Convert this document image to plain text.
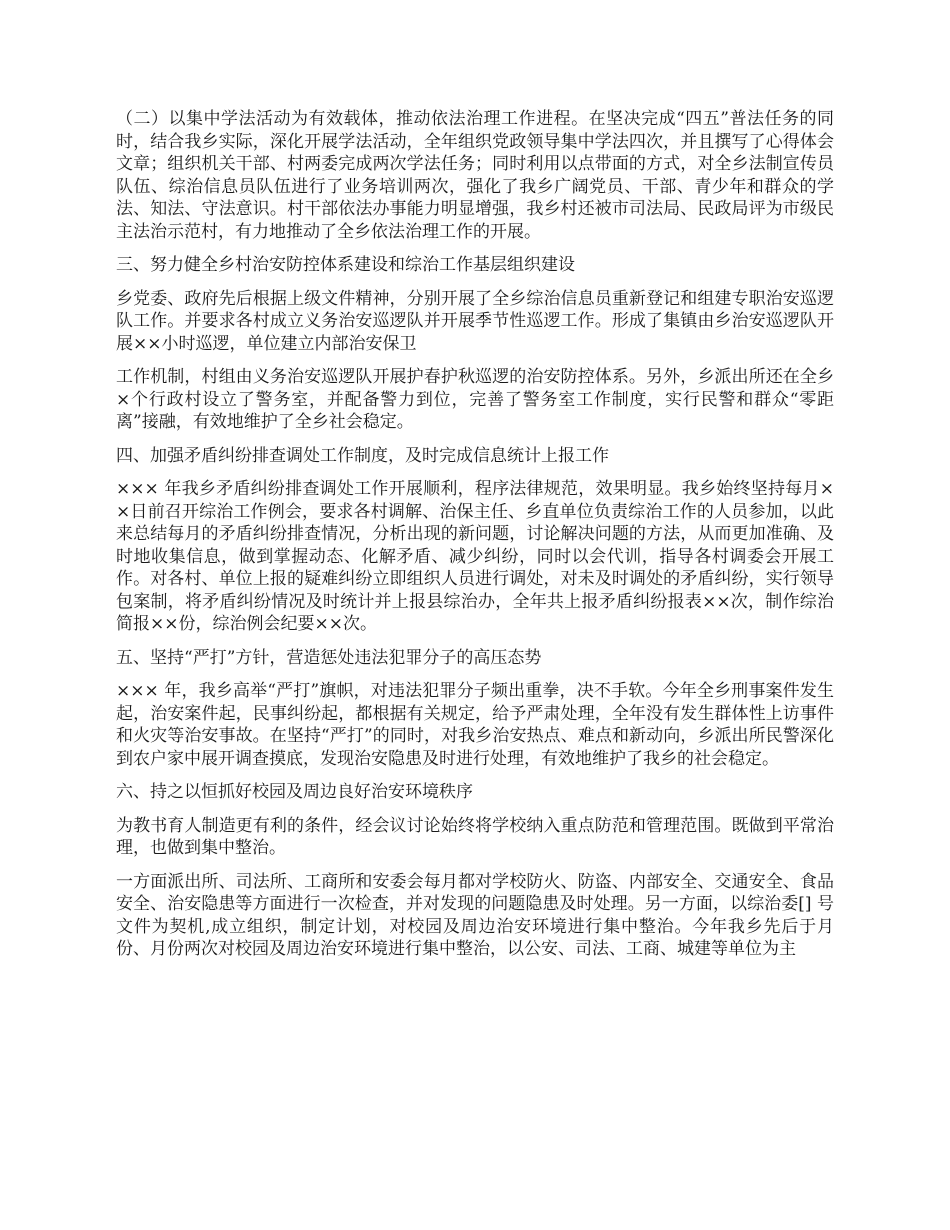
（二）以集中学法活动为有效载体，推动依法治理工作进程。在坚决完成“四五”普法任务的同时，结合我乡实际，深化开展学法活动，全年组织党政领导集中学法四次，并且撰写了心得体会文章；组织机关干部、村两委完成两次学法任务；同时利用以点带面的方式，对全乡法制宣传员队伍、综治信息员队伍进行了业务培训两次，强化了我乡广阔党员、干部、青少年和群众的学法、知法、守法意识。村干部依法办事能力明显增强，我乡村还被市司法局、民政局评为市级民主法治示范村，有力地推动了全乡依法治理工作的开展。

三、努力健全乡村治安防控体系建设和综治工作基层组织建设

乡党委、政府先后根据上级文件精神，分别开展了全乡综治信息员重新登记和组建专职治安巡逻队工作。并要求各村成立义务治安巡逻队并开展季节性巡逻工作。形成了集镇由乡治安巡逻队开展××小时巡逻，单位建立内部治安保卫

工作机制，村组由义务治安巡逻队开展护春护秋巡逻的治安防控体系。另外，乡派出所还在全乡×个行政村设立了警务室，并配备警力到位，完善了警务室工作制度，实行民警和群众“零距离”接融，有效地维护了全乡社会稳定。

四、加强矛盾纠纷排查调处工作制度，及时完成信息统计上报工作

××× 年我乡矛盾纠纷排查调处工作开展顺利，程序法律规范，效果明显。我乡始终坚持每月××日前召开综治工作例会，要求各村调解、治保主任、乡直单位负责综治工作的人员参加，以此来总结每月的矛盾纠纷排查情况，分析出现的新问题，讨论解决问题的方法，从而更加准确、及时地收集信息，做到掌握动态、化解矛盾、减少纠纷，同时以会代训，指导各村调委会开展工作。对各村、单位上报的疑难纠纷立即组织人员进行调处，对未及时调处的矛盾纠纷，实行领导包案制，将矛盾纠纷情况及时统计并上报县综治办，全年共上报矛盾纠纷报表××次，制作综治简报××份，综治例会纪要××次。

五、坚持“严打”方针，营造惩处违法犯罪分子的高压态势

××× 年，我乡高举“严打”旗帜，对违法犯罪分子频出重拳，决不手软。今年全乡刑事案件发生起，治安案件起，民事纠纷起，都根据有关规定，给予严肃处理，全年没有发生群体性上访事件和火灾等治安事故。在坚持“严打”的同时，对我乡治安热点、难点和新动向，乡派出所民警深化到农户家中展开调查摸底，发现治安隐患及时进行处理，有效地维护了我乡的社会稳定。

六、持之以恒抓好校园及周边良好治安环境秩序

为教书育人制造更有利的条件，经会议讨论始终将学校纳入重点防范和管理范围。既做到平常治理，也做到集中整治。

一方面派出所、司法所、工商所和安委会每月都对学校防火、防盗、内部安全、交通安全、食品安全、治安隐患等方面进行一次检查，并对发现的问题隐患及时处理。另一方面，以综治委[] 号文件为契机,成立组织，制定计划，对校园及周边治安环境进行集中整治。今年我乡先后于月份、月份两次对校园及周边治安环境进行集中整治，以公安、司法、工商、城建等单位为主
